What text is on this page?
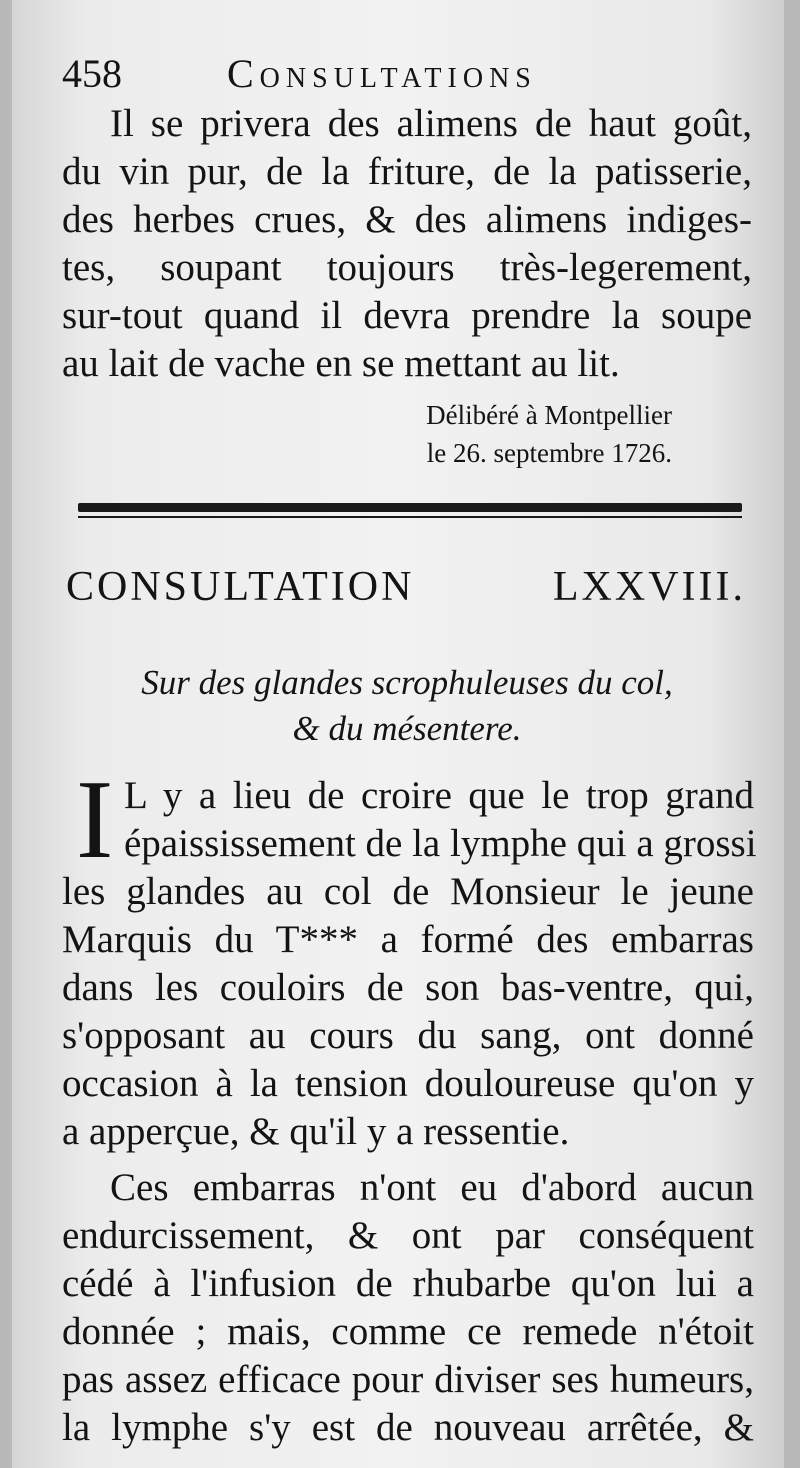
458	Consultations
Il se privera des alimens de haut goût,
du vin pur, de la friture, de la patisserie,
des herbes crues, & des alimens indiges-
tes, soupant toujours très-legerement,
sur-tout quand il devra prendre la soupe
au lait de vache en se mettant au lit.
Délibéré à Montpellier
le 26. septembre 1726.
CONSULTATION LXXVIII.
Sur des glandes scrophuleuses du col,
& du mésentere.
I L y a lieu de croire que le trop grand
épaississement de la lymphe qui a grossi
les glandes au col de Monsieur le jeune
Marquis du T*** a formé des embarras
dans les couloirs de son bas-ventre, qui,
s'opposant au cours du sang, ont donné
occasion à la tension douloureuse qu'on y
a apperçue, & qu'il y a ressentie.
Ces embarras n'ont eu d'abord aucun
endurcissement, & ont par conséquent
cédé à l'infusion de rhubarbe qu'on lui a
donnée ; mais, comme ce remede n'étoit
pas assez efficace pour diviser ses humeurs,
la lymphe s'y est de nouveau arrêtée, &
